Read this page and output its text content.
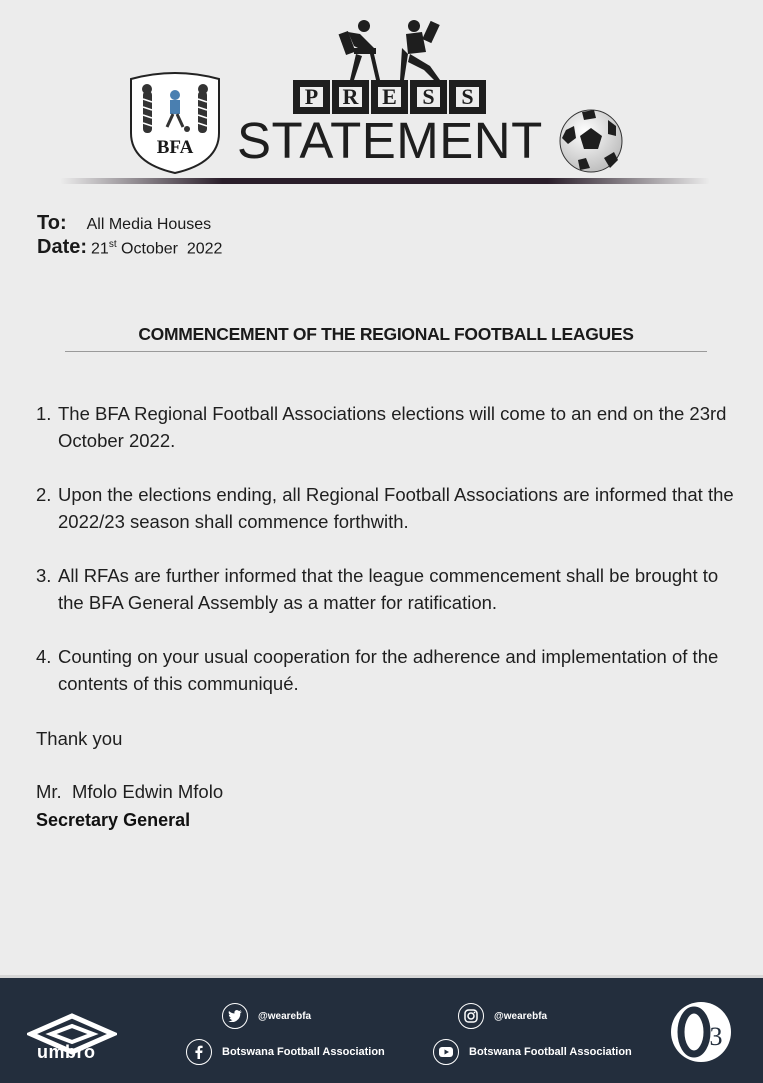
BFA
P	R E	S	S
STATEMENT
To: All Media Houses
Date: 21st October  2022
COMMENCEMENT OF THE REGIONAL FOOTBALL LEAGUES
1. The BFA Regional Football Associations elections will come to an end on the 23rd October 2022.
2. Upon the elections ending, all Regional Football Associations are informed that the 2022/23 season shall commence forthwith.
3. All RFAs are further informed that the league commencement shall be brought to the BFA General Assembly as a matter for ratification.
4. Counting on your usual cooperation for the adherence and implementation of the contents of this communiqué.
Thank you
Mr.  Mfolo Edwin Mfolo
Secretary General
umbro
@wearebfa	@wearebfa
Botswana Football Association	Botswana Football Association
3
